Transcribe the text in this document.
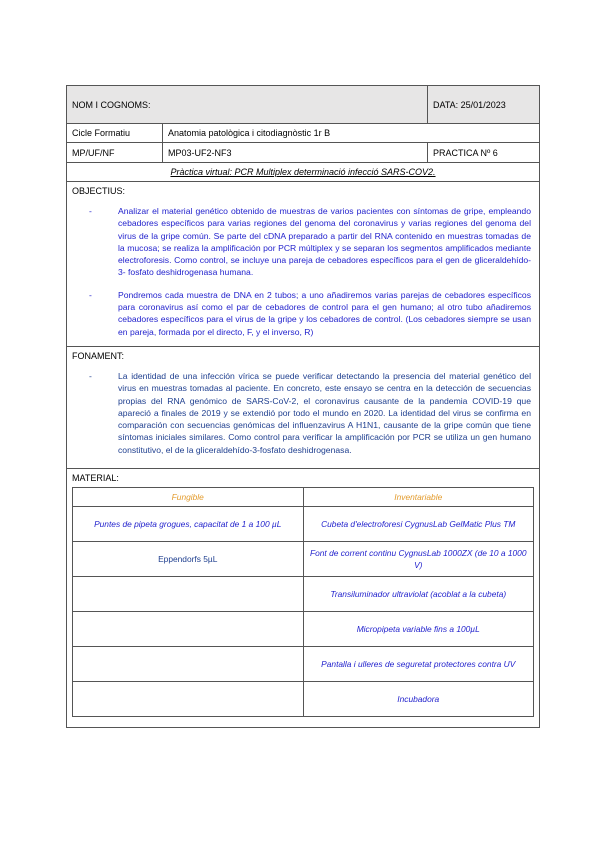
NOM I COGNOMS:	DATA: 25/01/2023
Cicle Formatiu	Anatomia patològica i citodiagnòstic 1r B
MP/UF/NF	MP03-UF2-NF3	PRACTICA Nº 6
Pràctica virtual: PCR Multiplex determinació infecció SARS-COV2.
OBJECTIUS:
-	Analizar el material genético obtenido de muestras de varios pacientes con síntomas de gripe, empleando cebadores específicos para varias regiones del genoma del coronavirus y varias regiones del genoma del virus de la gripe común. Se parte del cDNA preparado a partir del RNA contenido en muestras tomadas de la mucosa; se realiza la amplificación por PCR múltiplex y se separan los segmentos amplificados mediante electroforesis. Como control, se incluye una pareja de cebadores específicos para el gen de gliceraldehído-3- fosfato deshidrogenasa humana.
-	Pondremos cada muestra de DNA en 2 tubos; a uno añadiremos varias parejas de cebadores específicos para coronavirus así como el par de cebadores de control para el gen humano; al otro tubo añadiremos cebadores específicos para el virus de la gripe y los cebadores de control. (Los cebadores siempre se usan en pareja, formada por el directo, F, y el inverso, R)
FONAMENT:
-	La identidad de una infección vírica se puede verificar detectando la presencia del material genético del virus en muestras tomadas al paciente. En concreto, este ensayo se centra en la detección de secuencias propias del RNA genómico de SARS-CoV-2, el coronavirus causante de la pandemia COVID-19 que apareció a finales de 2019 y se extendió por todo el mundo en 2020. La identidad del virus se confirma en comparación con secuencias genómicas del influenzavirus A H1N1, causante de la gripe común que tiene síntomas iniciales similares. Como control para verificar la amplificación por PCR se utiliza un gen humano constitutivo, el de la gliceraldehído-3-fosfato deshidrogenasa.
MATERIAL:
Fungible	Inventariable
Puntes de pipeta grogues, capacitat de 1 a 100 µL	Cubeta d'electroforesi CygnusLab GelMatic Plus TM
Eppendorfs 5µL	Font de corrent continu CygnusLab 1000ZX (de 10 a 1000 V)
	Transiluminador ultraviolat (acoblat a la cubeta)
	Micropipeta variable fins a 100µL
	Pantalla i ulleres de seguretat protectores contra UV
	Incubadora
